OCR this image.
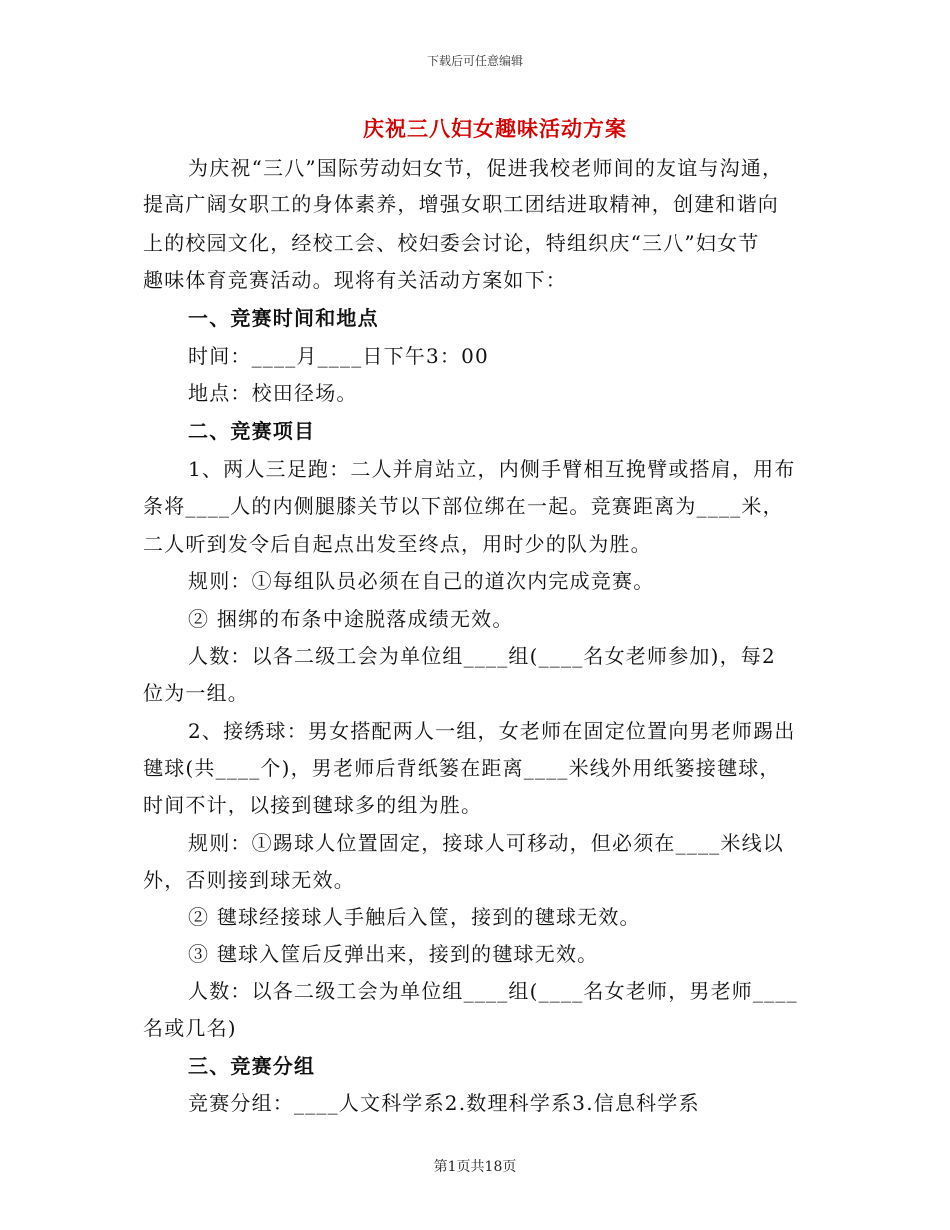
下载后可任意编辑
庆祝三八妇女趣味活动方案
为庆祝“三八”国际劳动妇女节，促进我校老师间的友谊与沟通，
提高广阔女职工的身体素养，增强女职工团结进取精神，创建和谐向
上的校园文化，经校工会、校妇委会讨论，特组织庆“三八”妇女节
趣味体育竞赛活动。现将有关活动方案如下：
一、竞赛时间和地点
时间：____月____日下午3：00
地点：校田径场。
二、竞赛项目
1、两人三足跑：二人并肩站立，内侧手臂相互挽臂或搭肩，用布
条将____人的内侧腿膝关节以下部位绑在一起。竞赛距离为____米，
二人听到发令后自起点出发至终点，用时少的队为胜。
规则：①每组队员必须在自己的道次内完成竞赛。
② 捆绑的布条中途脱落成绩无效。
人数：以各二级工会为单位组____组(____名女老师参加)，每2
位为一组。
2、接绣球：男女搭配两人一组，女老师在固定位置向男老师踢出
毽球(共____个)，男老师后背纸篓在距离____米线外用纸篓接毽球，
时间不计，以接到毽球多的组为胜。
规则：①踢球人位置固定，接球人可移动，但必须在____米线以
外，否则接到球无效。
② 毽球经接球人手触后入筐，接到的毽球无效。
③ 毽球入筐后反弹出来，接到的毽球无效。
人数：以各二级工会为单位组____组(____名女老师，男老师____
名或几名)
三、竞赛分组
竞赛分组：____人文科学系2.数理科学系3.信息科学系
第1页共18页
